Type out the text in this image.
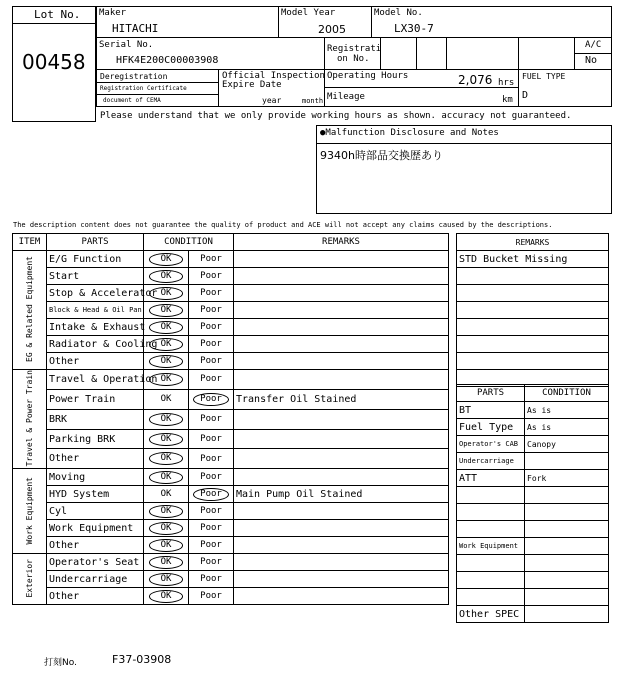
Lot No.
00458
Maker
HITACHI
Model Year
2005
Model No.
LX30-7
Serial No.
HFK4E200C00003908
Registrati
on No.
A/C
No
Deregistration
Registration Certificate
document of CEMA
Official Inspection
Expire Date
year	month
Operating Hours	2,076 hrs
Mileage	km
FUEL TYPE
D
Please understand that we only provide working hours as shown. accuracy not guaranteed.
●Malfunction Disclosure and Notes
9340h時部品交換歴あり
The description content does not guarantee the quality of product and ACE will not accept any claims caused by the descriptions.
ITEM	PARTS	CONDITION		REMARKS
EG & Related Equipment	E/G Function	OK	Poor	
	Start	OK	Poor	
	Stop & Accelerator	OK	Poor	
	Block & Head & Oil Pan	OK	Poor	
	Intake & Exhaust	OK	Poor	
	Radiator & Cooling	OK	Poor	
	Other	OK	Poor	
Travel & Power Train	Travel & Operation	OK	Poor	
	Power Train	OK	Poor	Transfer Oil Stained
	BRK	OK	Poor	
	Parking BRK	OK	Poor	
	Other	OK	Poor	
Work Equipment	Moving	OK	Poor	
	HYD System	OK	Poor	Main Pump Oil Stained
	Cyl	OK	Poor	
	Work Equipment	OK	Poor	
	Other	OK	Poor	
Exterior	Operator's Seat	OK	Poor	
	Undercarriage	OK	Poor	
	Other	OK	Poor	
REMARKS
STD Bucket Missing

PARTS	CONDITION
BT	As is
Fuel Type	As is
Operator's CAB	Canopy
Undercarriage	
ATT	Fork

Work Equipment	

Other SPEC	
打刻No.	F37-03908
